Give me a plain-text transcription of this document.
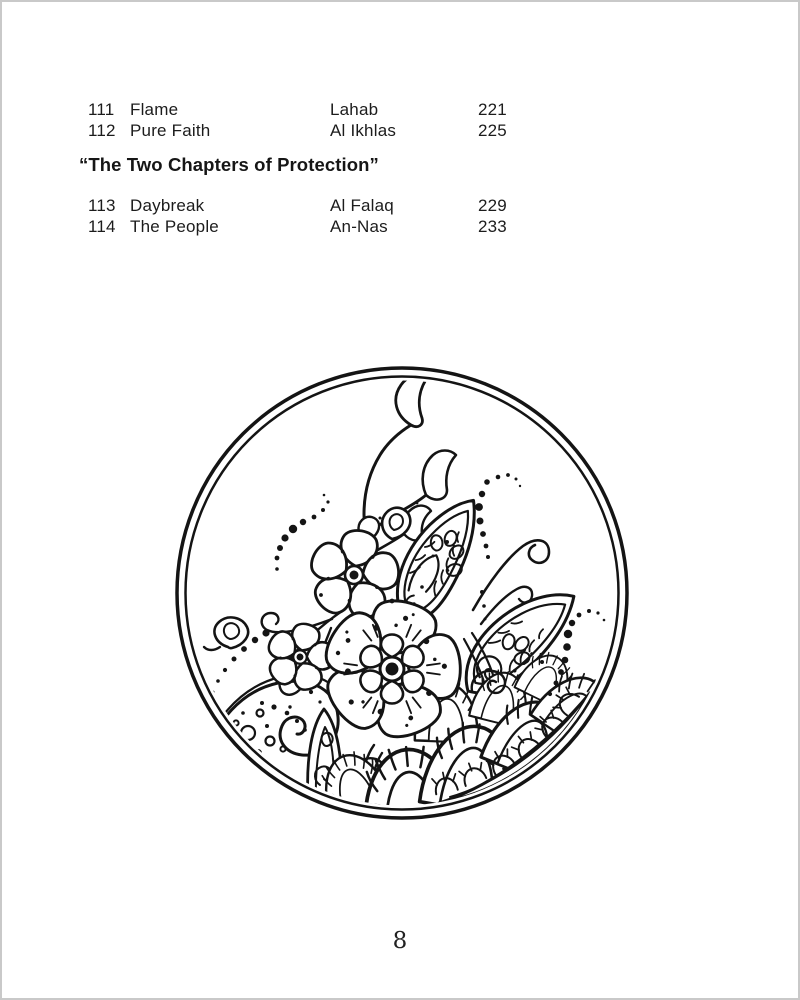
111 Flame	Lahab	221
112 Pure Faith	Al Ikhlas	225
“The Two Chapters of Protection”
113 Daybreak	Al Falaq	229
114 The People	An-Nas	233
8
